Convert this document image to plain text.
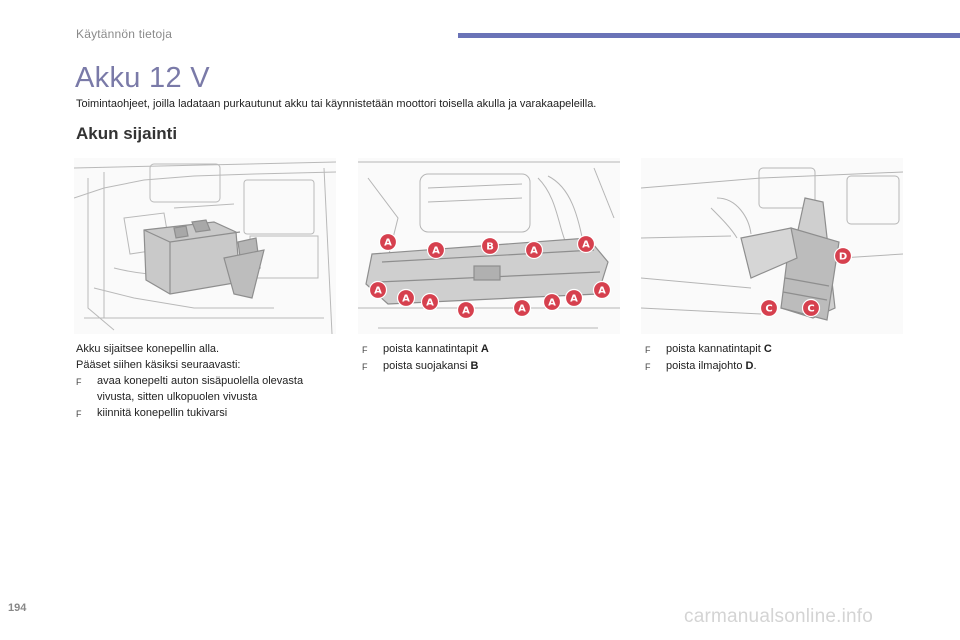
Käytännön tietoja
Akku 12 V
Toimintaohjeet, joilla ladataan purkautunut akku tai käynnistetään moottori toisella akulla ja varakaapeleilla.
Akun sijainti
A
A	B	A
A
A
A A
A	A
A A
A
D
C	C
Akku sijaitsee konepellin alla.
Pääset siihen käsiksi seuraavasti:
F	avaa konepelti auton sisäpuolella olevasta vivusta, sitten ulkopuolen vivusta
F	kiinnitä konepellin tukivarsi
F	poista kannatintapit A
F	poista suojakansi B
F	poista kannatintapit C
F	poista ilmajohto D.
194	carmanualsonline.info
